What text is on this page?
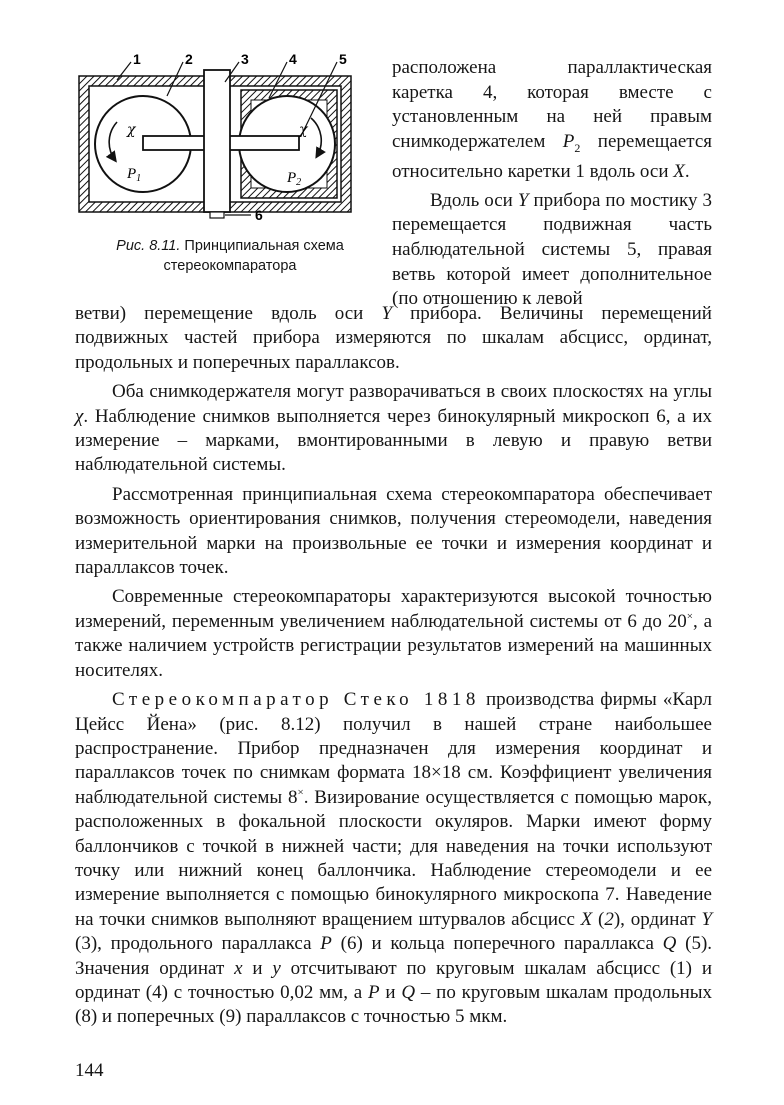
1	2	3	4	5
6
χ	χ
$P_1$	$P_2$
Рис. 8.11. Принципиальная схема стереокомпаратора

расположена параллактическая

каретка 4, которая вместе с установленным на ней правым снимкодержателем $P_2$ перемещается относительно каретки 1 вдоль оси X.

Вдоль оси Y прибора по мостику 3 перемещается подвижная часть наблюдательной системы 5, правая ветвь которой имеет дополнительное (по отношению к левой

ветви) перемещение вдоль оси Y прибора. Величины перемещений подвижных частей прибора измеряются по шкалам абсцисс, ординат, продольных и поперечных параллаксов.

Оба снимкодержателя могут разворачиваться в своих плоскостях на углы χ. Наблюдение снимков выполняется через бинокулярный микроскоп 6, а их измерение – марками, вмонтированными в левую и правую ветви наблюдательной системы.

Рассмотренная принципиальная схема стереокомпаратора обеспечивает возможность ориентирования снимков, получения стереомодели, наведения измерительной марки на произвольные ее точки и измерения координат и параллаксов точек.

Современные стереокомпараторы характеризуются высокой точностью измерений, переменным увеличением наблюдательной системы от 6 до 20×, а также наличием устройств регистрации результатов измерений на машинных носителях.

Стереокомпаратор Стеко 1818 производства фирмы «Карл Цейсс Йена» (рис. 8.12) получил в нашей стране наибольшее распространение. Прибор предназначен для измерения координат и параллаксов точек по снимкам формата 18×18 см. Коэффициент увеличения наблюдательной системы 8×. Визирование осуществляется с помощью марок, расположенных в фокальной плоскости окуляров. Марки имеют форму баллончиков с точкой в нижней части; для наведения на точки используют точку или нижний конец баллончика. Наблюдение стереомодели и ее измерение выполняется с помощью бинокулярного микроскопа 7. Наведение на точки снимков выполняют вращением штурвалов абсцисс X (2), ординат Y (3), продольного параллакса P (6) и кольца поперечного параллакса Q (5). Значения ординат x и y отсчитывают по круговым шкалам абсцисс (1) и ординат (4) с точностью 0,02 мм, а P и Q – по круговым шкалам продольных (8) и поперечных (9) параллаксов с точностью 5 мкм.

144
